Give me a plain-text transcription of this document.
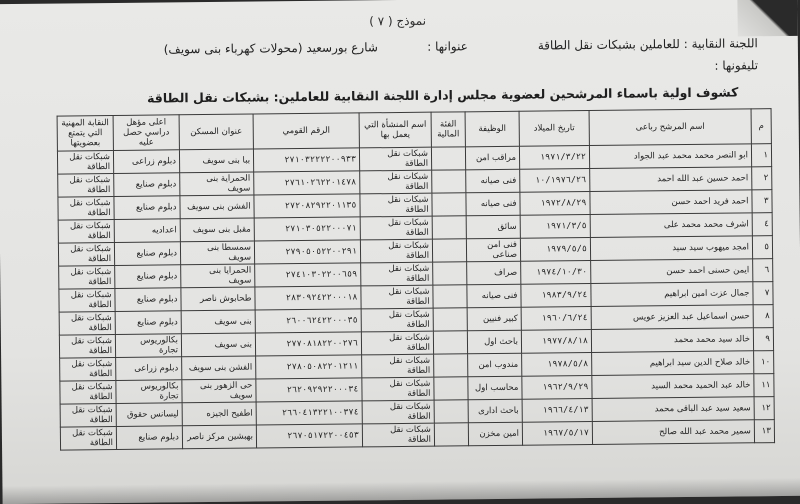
نموذج ( ٧ )
اللجنة النقابية : للعاملين بشبكات نقل الطاقة
عنوانها :
شارع بورسعيد (محولات كهرباء بنى سويف)
تليفونها :
كشوف اولية باسماء المرشحين لعضوية مجلس إدارة اللجنة النقابية للعاملين: بشبكات نقل الطاقة
م	اسم المرشح رباعى	تاريخ الميلاد	الوظيفة	الفئة المالية	اسم المنشأة التي يعمل بها	الرقم القومي	عنوان المسكن	اعلى مؤهل دراسي حصل عليه	النقابة المهنية التي يتمتع بعضويتها
١	ابو النصر محمد محمد عبد الجواد	١٩٧١/٣/٢٢	مراقب امن		شبكات نقل الطاقة	٢٧١٠٣٢٢٢٢٠٠٩٣٣	ببا بنى سويف	دبلوم زراعى	شبكات نقل الطاقة
٢	احمد حسين عبد الله احمد	١٠/١٩٧٦/٢٦	فنى صيانه		شبكات نقل الطاقة	٢٧٦١٠٢٦٢٢٠١٤٧٨	الحمراية بنى سويف	دبلوم صنايع	شبكات نقل الطاقة
٣	احمد فريد احمد حسن	١٩٧٢/٨/٢٩	فنى صيانه		شبكات نقل الطاقة	٢٧٢٠٨٢٩٢٢٠١١٣٥	الفشن بنى سويف	دبلوم صنايع	شبكات نقل الطاقة
٤	اشرف محمد محمد على	١٩٧١/٣/٥	سائق		شبكات نقل الطاقة	٢٧١٠٣٠٥٢٢٠٠٠٧١	مقبل بنى سويف	اعداديه	شبكات نقل الطاقة
٥	امجد ميهوب سيد سيد	١٩٧٩/٥/٥	فنى امن صناعى		شبكات نقل الطاقة	٢٧٩٠٥٠٥٢٢٠٠٢٩١	سمسطا بنى سويف	دبلوم صنايع	شبكات نقل الطاقة
٦	ايمن حسنى احمد حسن	١٩٧٤/١٠/٣٠	صراف		شبكات نقل الطاقة	٢٧٤١٠٣٠٢٢٠٠٦٥٩	الحمرايا بنى سويف	دبلوم صنايع	شبكات نقل الطاقة
٧	جمال عزت امين ابراهيم	١٩٨٣/٩/٢٤	فنى صيانه		شبكات نقل الطاقة	٢٨٣٠٩٢٤٢٢٠٠٠١٨	طحابوش ناصر	دبلوم صنايع	شبكات نقل الطاقة
٨	حسن اسماعيل عبد العزيز عويس	١٩٦٠/٦/٢٤	كبير فنيين		شبكات نقل الطاقة	٢٦٠٠٦٢٤٢٢٠٠٠٣٥	بنى سويف	دبلوم صنايع	شبكات نقل الطاقة
٩	خالد سيد محمد محمد	١٩٧٧/٨/١٨	باحث اول		شبكات نقل الطاقة	٢٧٧٠٨١٨٢٢٠٠٢٧٦	بنى سويف	بكالوريوس تجارة	شبكات نقل الطاقة
١٠	خالد صلاح الدين سيد ابراهيم	١٩٧٨/٥/٨	مندوب امن		شبكات نقل الطاقة	٢٧٨٠٥٠٨٢٢٠١٢١١	الفشن بنى سويف	دبلوم زراعى	شبكات نقل الطاقة
١١	خالد عبد الحميد محمد السيد	١٩٦٢/٩/٢٩	محاسب اول		شبكات نقل الطاقة	٢٦٢٠٩٢٩٢٢٠٠٠٣٤	حى الزهور بنى سويف	بكالوريوس تجارة	شبكات نقل الطاقة
١٢	سعيد سيد عبد الباقى محمد	١٩٦٦/٤/١٣	باحث ادارى		شبكات نقل الطاقة	٢٦٦٠٤١٣٢٢١٠٠٣٧٤	اطفيح الجيزه	ليسانس حقوق	شبكات نقل الطاقة
١٣	سمير محمد عبد الله صالح	١٩٦٧/٥/١٧	امين مخزن		شبكات نقل الطاقة	٢٦٧٠٥١٧٢٢٠٠٤٥٣	بهبشين مركز ناصر	دبلوم صنايع	شبكات نقل الطاقة
